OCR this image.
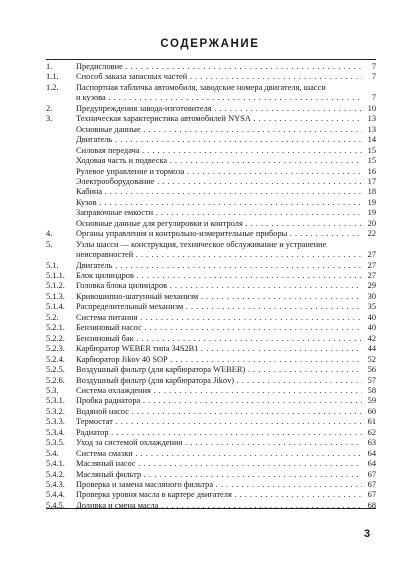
СОДЕРЖАНИЕ
1.	Предисловие . . .	7
1.1.	Способ заказа запасных частей . . .	7
1.2.	Паспортная табличка автомобиля, заводские номера двигателя, шасси
и кузова . . .	7
2.	Предупреждения завода-изготовителя . . .	10
3.	Техническая характеристика автомобилей NYSA . . .	13
Основные данные . . .	13
Двигатель . . .	14
Силовая передача . . .	15
Ходовая часть и подвеска . . .	15
Рулевое управление и тормоза . . .	16
Электрооборудование . . .	17
Кабина . . .	18
Кузов . . .	19
Заправочные емкости . . .	19
Основные данные для регулировки и контроля . . .	20
4.	Органы управления и контрольно-измерительные приборы . . .	22
5.	Узлы шасси — конструкция, техническое обслуживание и устранение
неисправностей . . .	27
5.1.	Двигатель . . .	27
5.1.1.	Блок цилиндров . . .	27
5.1.2.	Головка блока цилиндров . . .	29
5.1.3.	Кривошипно-шатунный механизм . . .	30
5.1.4.	Распределительный механизм . . .	35
5.2.	Система питания . . .	40
5.2.1.	Бензиновый насос . . .	40
5.2.2.	Бензиновый бак . . .	42
5.2.3.	Карбюратор WEBER типа 34S2B1 . . .	44
5.2.4.	Карбюратор Jikov 40 SOP . . .	52
5.2.5.	Воздушный фильтр (для карбюратора WEBER) . . .	56
5.2.6.	Воздушный фильтр (для карбюратора Jikov) . . .	57
5.3.	Система охлаждения . . .	58
5.3.1.	Пробка радиатора . . .	59
5.3.2.	Водяной насос . . .	60
5.3.3.	Термостат . . .	61
5.3.4.	Радиатор . . .	62
5.3.5.	Уход за системой охлаждения . . .	63
5.4.	Система смазки . . .	64
5.4.1.	Масляный насос . . .	64
5.4.2.	Масляный фильтр . . .	67
5.4.3.	Проверка и замена масляного фильтра . . .	67
5.4.4.	Проверка уровня масла в картере двигателя . . .	67
5.4.5.	Доливка и смена масла . . .	68
3
